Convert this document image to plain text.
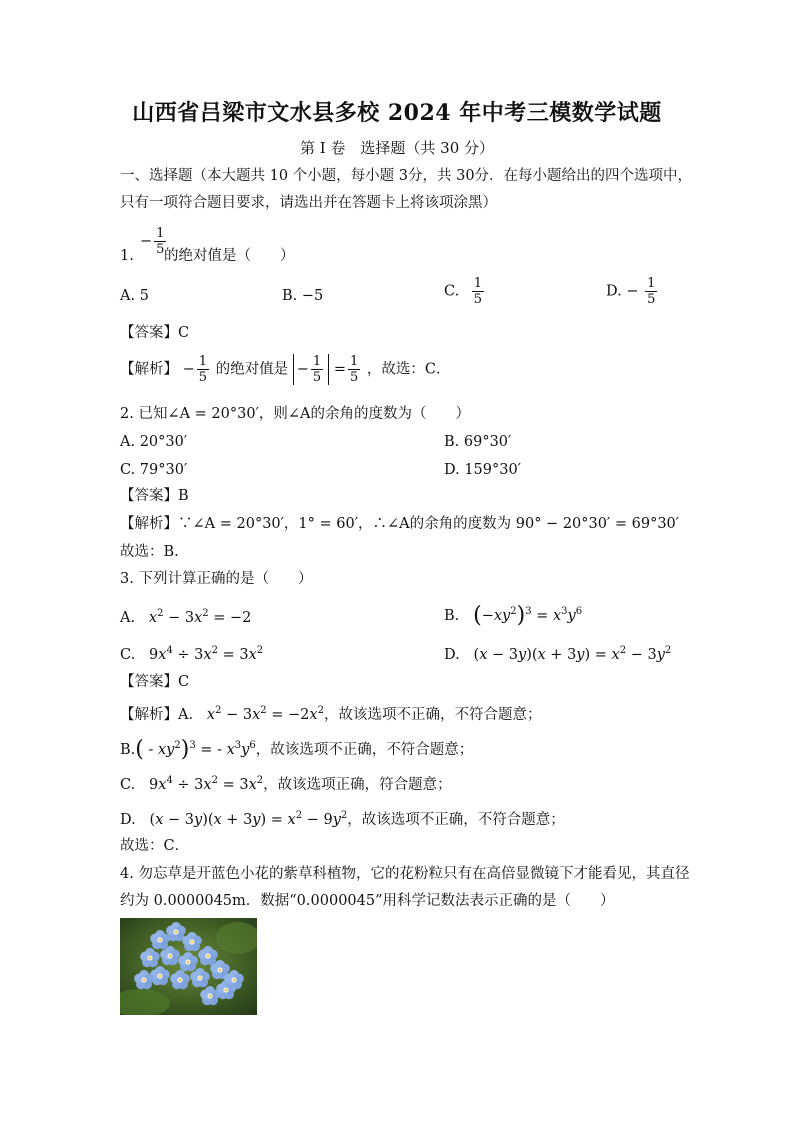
山西省吕梁市文水县多校 2024 年中考三模数学试题
第 I 卷　选择题（共 30 分）
一、选择题（本大题共 10 个小题，每小题 3分，共 30分．在每小题给出的四个选项中，
只有一项符合题目要求，请选出并在答题卡上将该项涂黑）
1.
− $\frac{1}{5}$
的绝对值是（　　）
A. 5	B. −5	C. $\frac{1}{5}$	D. − $\frac{1}{5}$
【答案】C
【解析】 − $\frac{1}{5}$ 的绝对值是 − $\frac{1}{5} = \frac{1}{5}$ ，故选：C．
2. 已知∠A = 20°30′，则∠A的余角的度数为（　　）
A. 20°30′	B. 69°30′
C. 79°30′	D. 159°30′
【答案】B
【解析】∵∠A = 20°30′，1° = 60′，∴∠A的余角的度数为 90° − 20°30′ = 69°30′
故选：B.
3. 下列计算正确的是（　　）
A. $x^2 - 3x^2 = -2$	B. $(-xy^2)^3 = x^3y^6$
C.   $9x^4 \div 3x^2 = 3x^2$	D.   $(x - 3y)(x + 3y) = x^2 - 3y^2$
【答案】C
【解析】A. $x^2 - 3x^2 = -2x^2$，故该选项不正确，不符合题意；
$B.( - xy^2)^3$ = - $x^3y^6$，故该选项不正确，不符合题意；
C.   $9x^4 \div 3x^2 = 3x^2$，故该选项正确，符合题意；
D.   $(x - 3y)(x + 3y) = x^2 - 9y^2$，故该选项不正确，不符合题意；
故选：C．
4. 勿忘草是开蓝色小花的紫草科植物，它的花粉粒只有在高倍显微镜下才能看见，其直径
约为 0.0000045m．数据“0.0000045”用科学记数法表示正确的是（　　）
